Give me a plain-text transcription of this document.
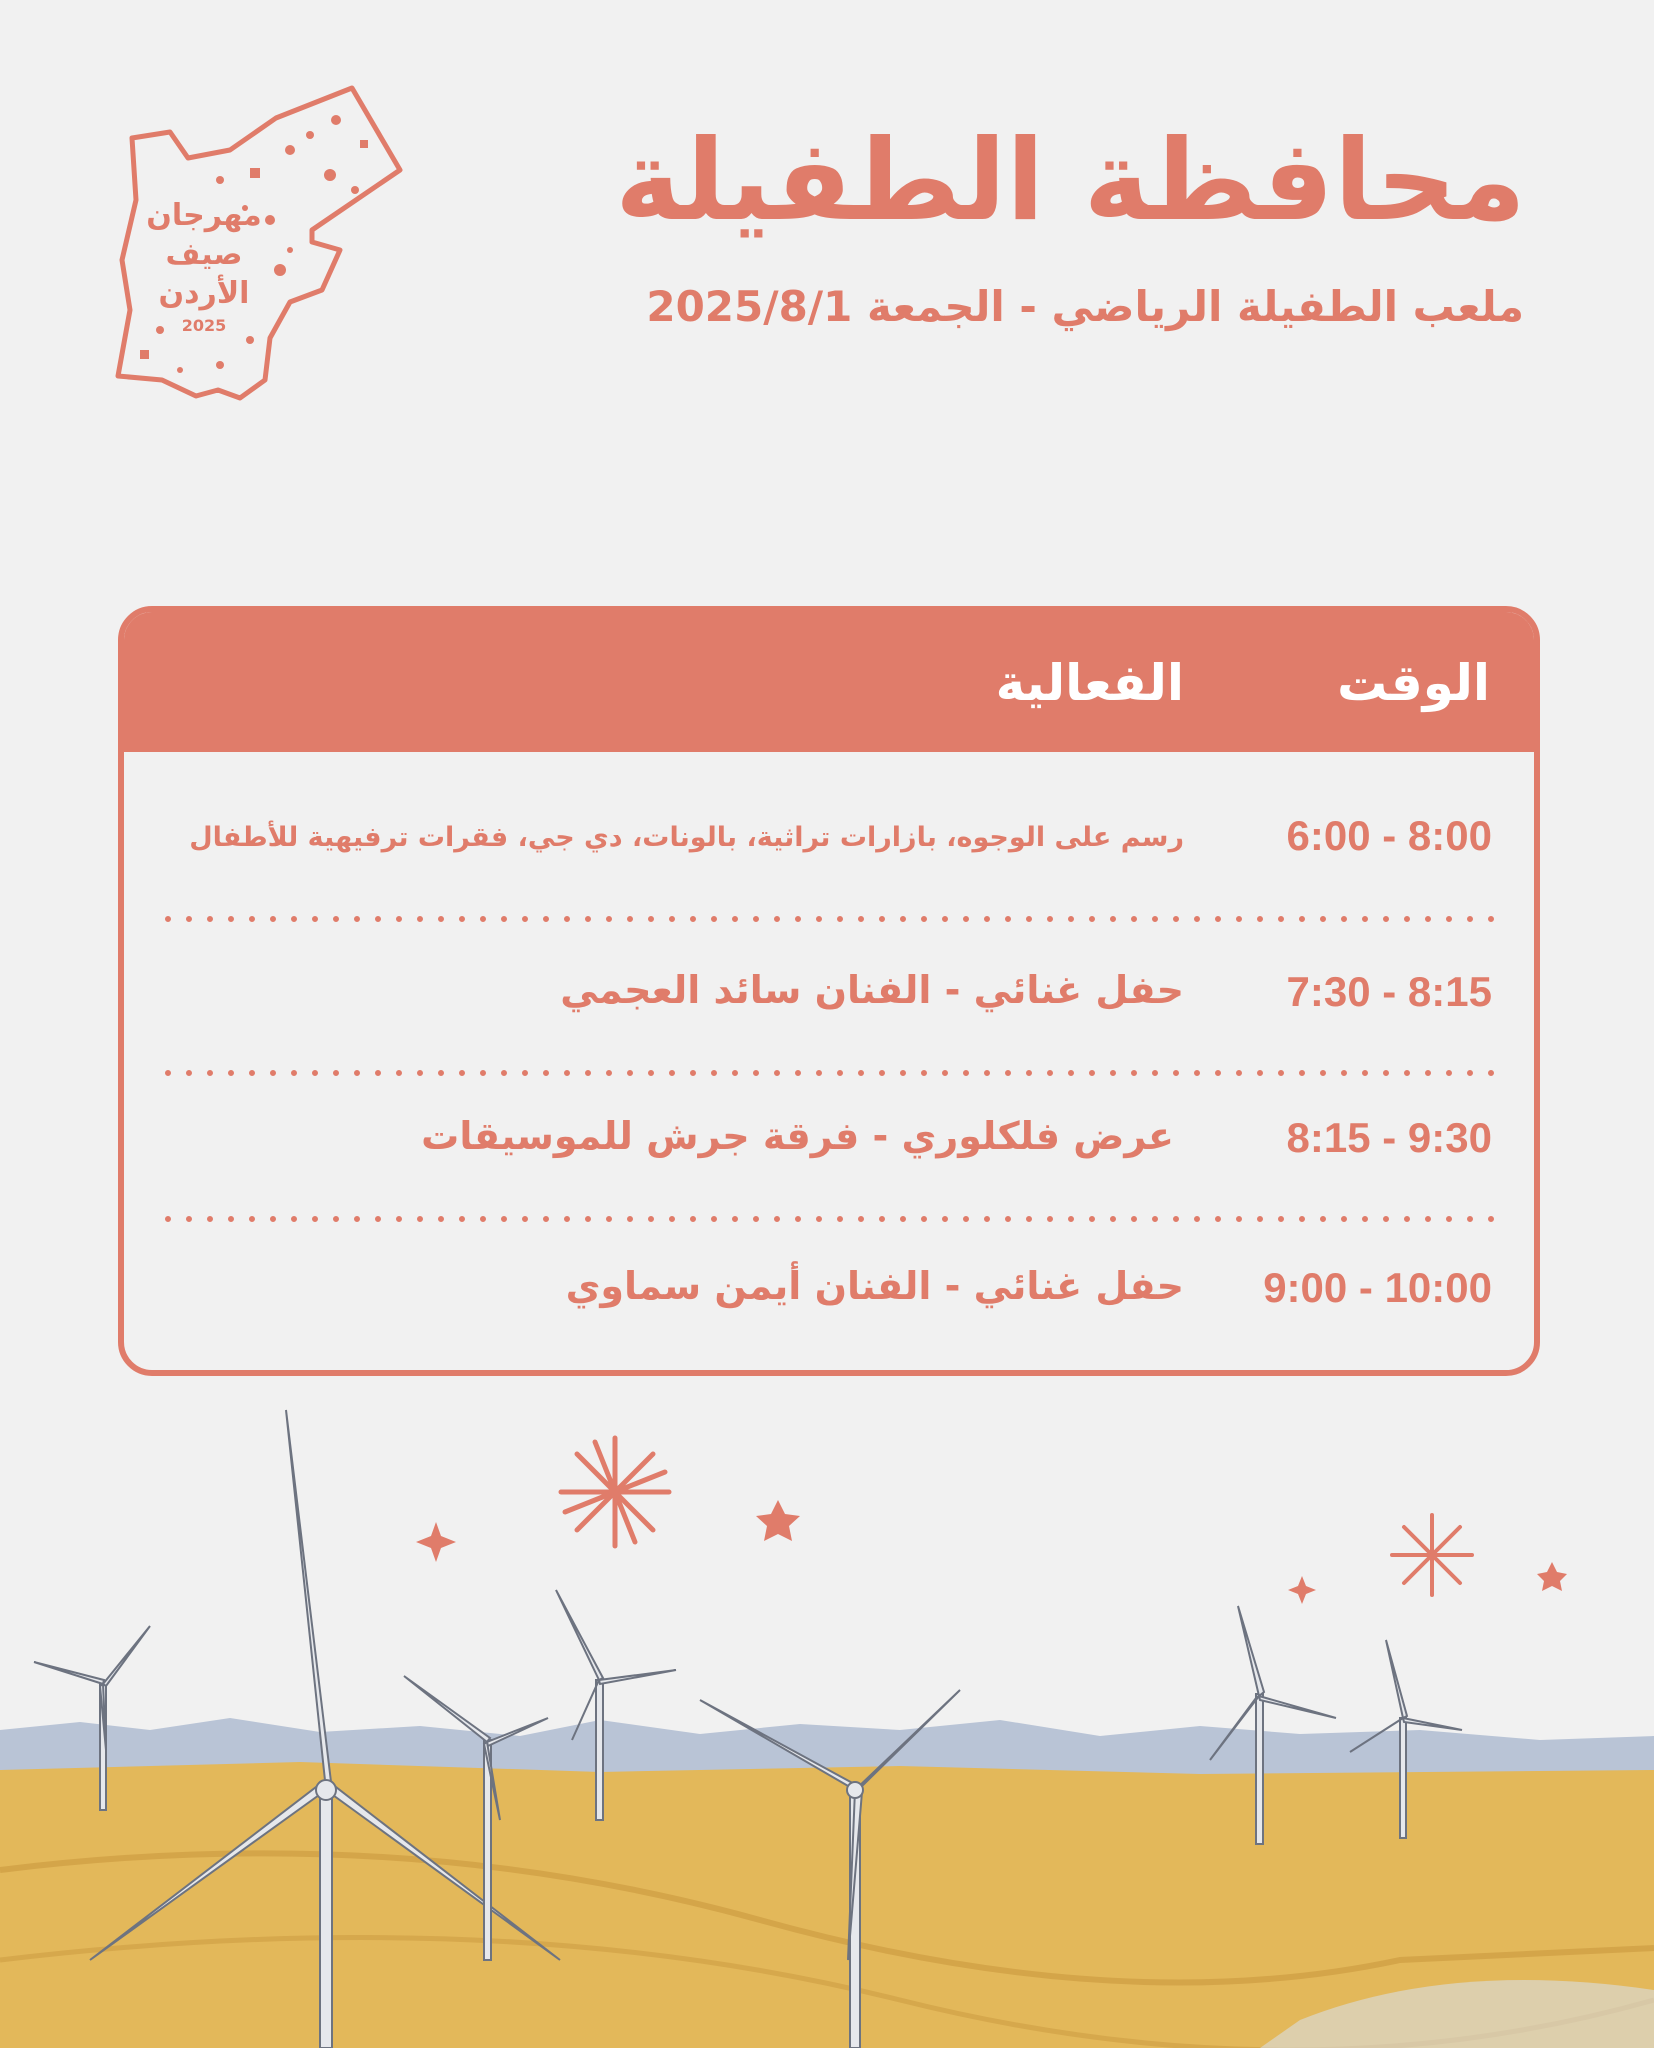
مهرجان
صيف
الأردن
2025
محافظة الطفيلة
ملعب الطفيلة الرياضي - الجمعة 2025/8/1
الوقت
الفعالية
6:00 - 8:00
رسم على الوجوه، بازارات تراثية، بالونات، دي جي، فقرات ترفيهية للأطفال
7:30 - 8:15
حفل غنائي - الفنان سائد العجمي
8:15 - 9:30
عرض فلكلوري - فرقة جرش للموسيقات
9:00 - 10:00
حفل غنائي - الفنان أيمن سماوي
